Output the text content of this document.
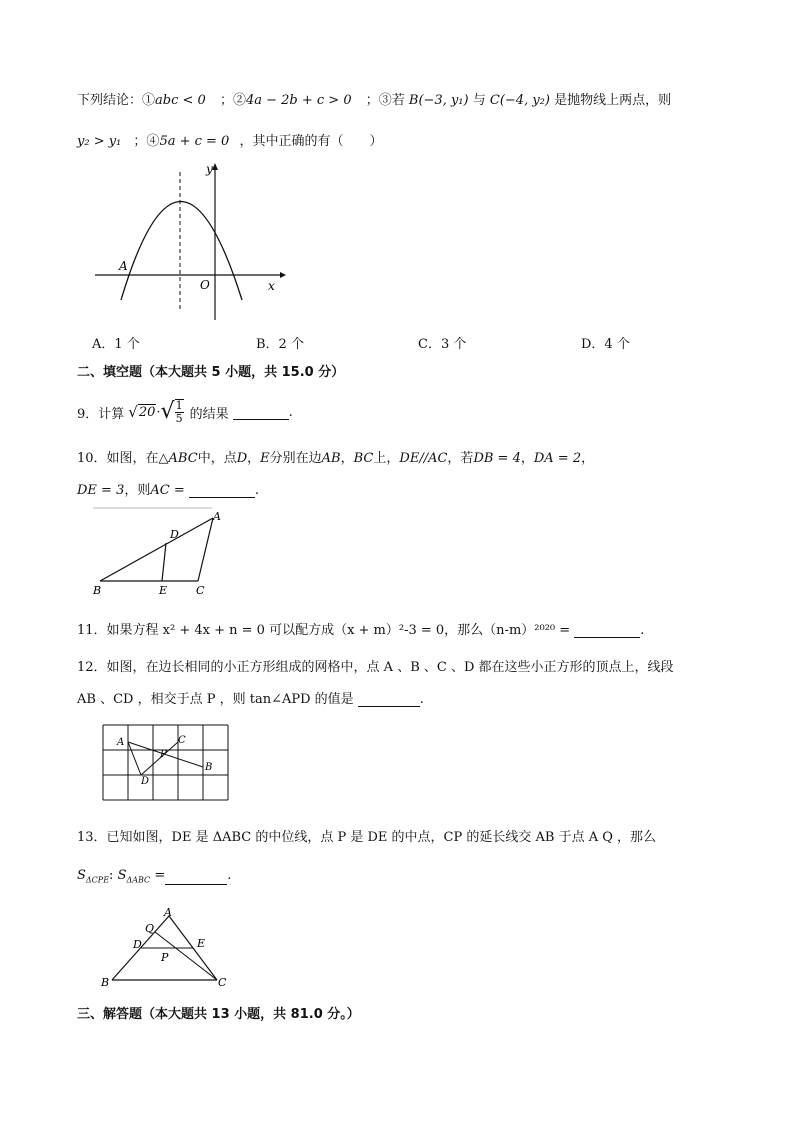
下列结论：①abc < 0 ；②4a − 2b + c > 0 ；③若 B(−3, y₁) 与 C(−4, y₂) 是抛物线上两点，则
y₂ > y₁ ；④5a + c = 0 ，其中正确的有（　　）
y
x
O
A
A．1 个	B．2 个	C．3 个	D．4 个
二、填空题（本大题共 5 小题，共 15.0 分）
9．计算 √ 20 · √ $\frac{1}{5}$ 的结果	.
10．如图，在△ABC中，点D，E分别在边AB，BC上，DE//AC，若DB = 4，DA = 2，
DE = 3，则AC =	.
A
B	C
D
E
11．如果方程 x² + 4x + n = 0 可以配方成（x + m）²-3 = 0，那么（n-m）²⁰²⁰ =	.
12．如图，在边长相同的小正方形组成的网格中，点 A 、B 、C 、D 都在这些小正方形的顶点上，线段
AB 、CD ，相交于点 P ，则 tan∠APD 的值是	.
A
B
C
D
P
13．已知如图，DE 是 ΔABC 的中位线，点 P 是 DE 的中点，CP 的延长线交 AB 于点 A Q ，那么
$S_{\Delta CPE}$: $S_{\Delta ABC}$ =	.
A
B	C
D	E
P
Q
三、解答题（本大题共 13 小题，共 81.0 分。）
